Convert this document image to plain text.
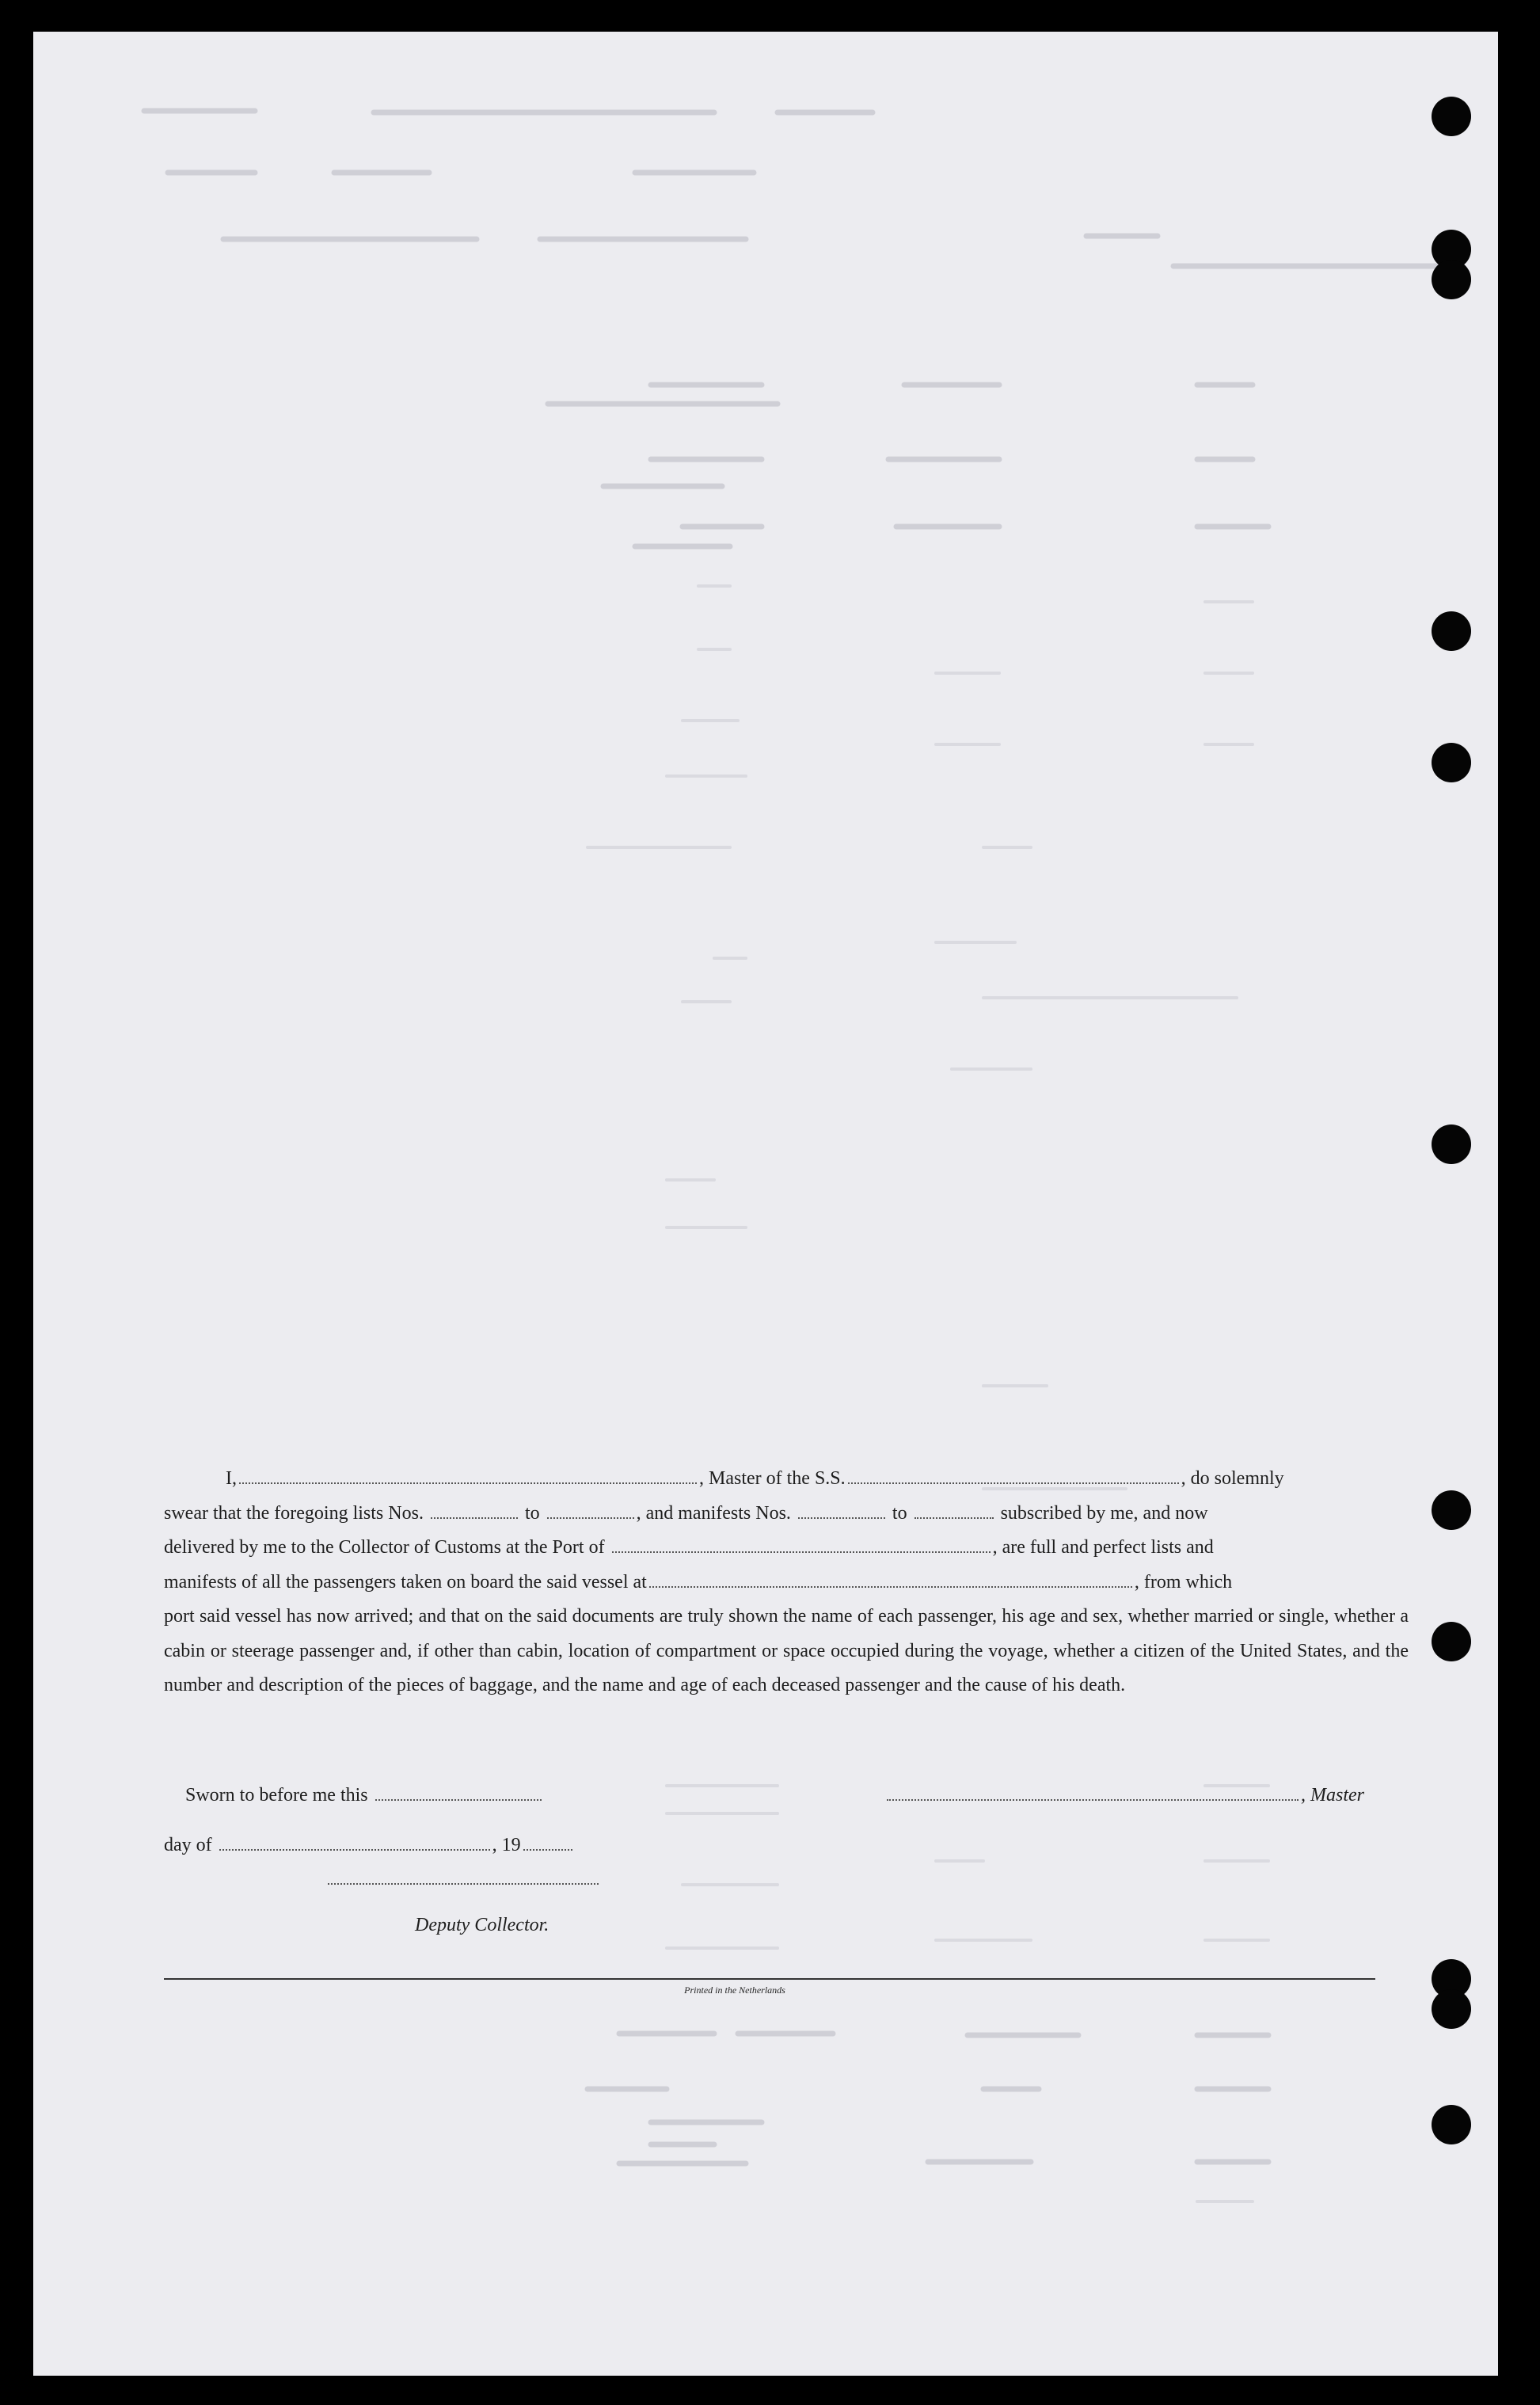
I,	, Master of the S.S.	, do solemnly
swear that the foregoing lists Nos.	to	, and manifests Nos.	to	subscribed by me, and now
delivered by me to the Collector of Customs at the Port of	, are full and perfect lists and
manifests of all the passengers taken on board the said vessel at	, from which
port said vessel has now arrived; and that on the said documents are truly shown the name of each passenger, his age and sex, whether married or single, whether a cabin or steerage passenger and, if other than cabin, location of compartment or space occupied during the voyage, whether a citizen of the United States, and the number and description of the pieces of baggage, and the name and age of each deceased passenger and the cause of his death.
Sworn to before me this	, Master
day of	, 19
Deputy Collector.
Printed in the Netherlands
